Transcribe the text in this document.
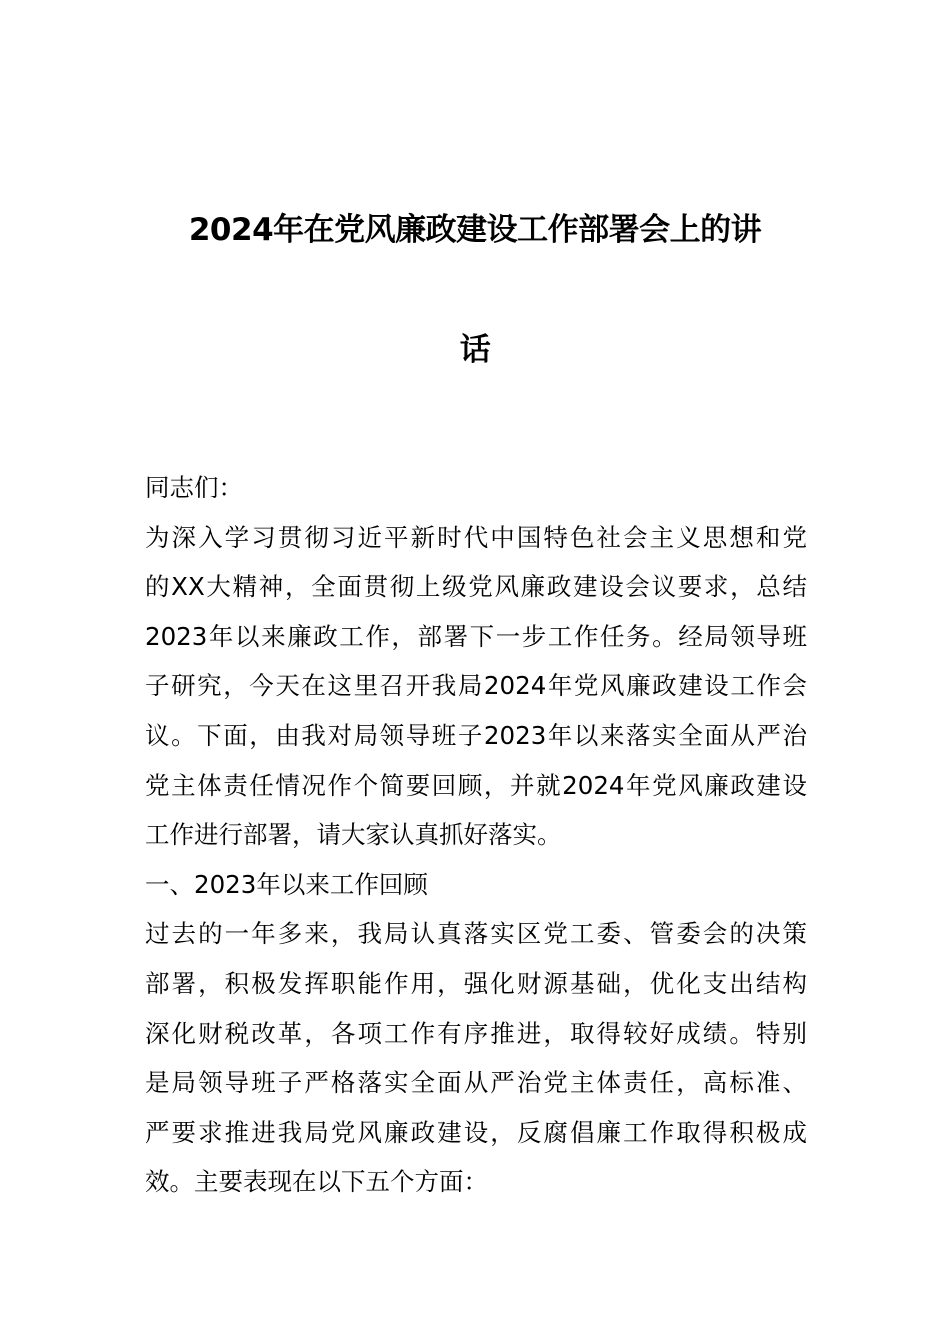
2024年在党风廉政建设工作部署会上的讲
话
同志们：
为深入学习贯彻习近平新时代中国特色社会主义思想和党
的XX大精神，全面贯彻上级党风廉政建设会议要求，总结
2023年以来廉政工作，部署下一步工作任务。经局领导班
子研究，今天在这里召开我局2024年党风廉政建设工作会
议。下面，由我对局领导班子2023年以来落实全面从严治
党主体责任情况作个简要回顾，并就2024年党风廉政建设
工作进行部署，请大家认真抓好落实。
一、2023年以来工作回顾
过去的一年多来，我局认真落实区党工委、管委会的决策
部署，积极发挥职能作用，强化财源基础，优化支出结构
深化财税改革，各项工作有序推进，取得较好成绩。特别
是局领导班子严格落实全面从严治党主体责任，高标准、
严要求推进我局党风廉政建设，反腐倡廉工作取得积极成
效。主要表现在以下五个方面：
